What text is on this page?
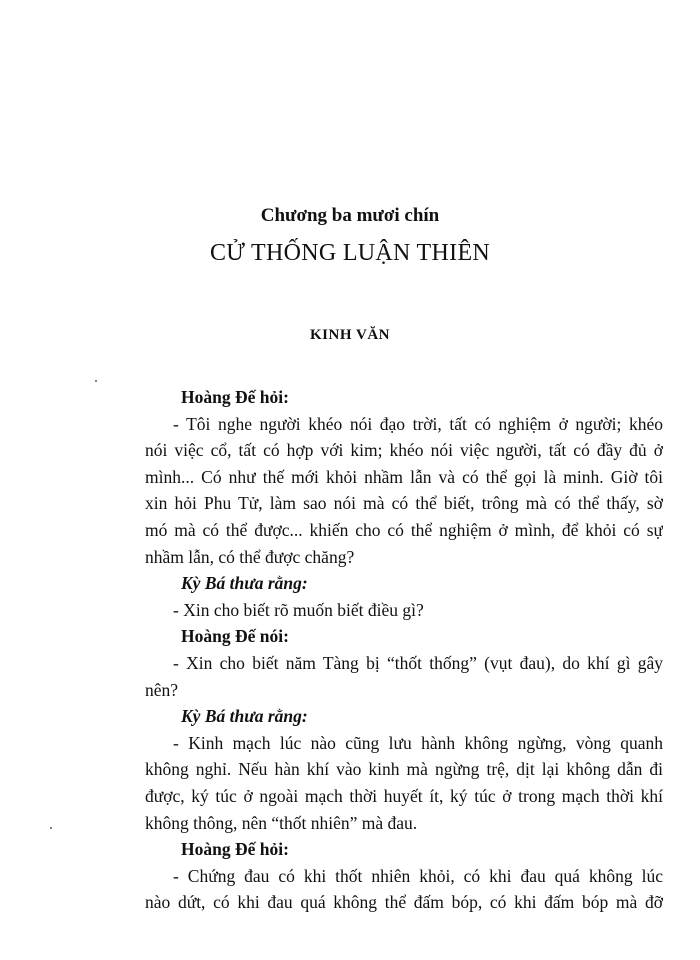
Chương ba mươi chín
CỬ THỐNG LUẬN THIÊN
KINH VĂN
Hoàng Đế hỏi:
- Tôi nghe người khéo nói đạo trời, tất có nghiệm ở người; khéo
nói việc cổ, tất có hợp với kim; khéo nói việc người, tất có đầy đủ ở
mình... Có như thế mới khỏi nhầm lẫn và có thể gọi là minh. Giờ tôi
xin hỏi Phu Tử, làm sao nói mà có thể biết, trông mà có thể thấy, sờ
mó mà có thể được... khiến cho có thể nghiệm ở mình, để khỏi có sự
nhầm lẫn, có thể được chăng?
Kỳ Bá thưa rằng:
- Xin cho biết rõ muốn biết điều gì?
Hoàng Đế nói:
- Xin cho biết năm Tàng bị “thốt thống” (vụt đau), do khí gì gây
nên?
Kỳ Bá thưa rằng:
- Kinh mạch lúc nào cũng lưu hành không ngừng, vòng quanh
không nghỉ. Nếu hàn khí vào kinh mà ngừng trệ, dịt lại không dẫn đi
được, ký túc ở ngoài mạch thời huyết ít, ký túc ở trong mạch thời khí
không thông, nên “thốt nhiên” mà đau.
Hoàng Đế hỏi:
- Chứng đau có khi thốt nhiên khỏi, có khi đau quá không lúc
nào dứt, có khi đau quá không thể đấm bóp, có khi đấm bóp mà đỡ
